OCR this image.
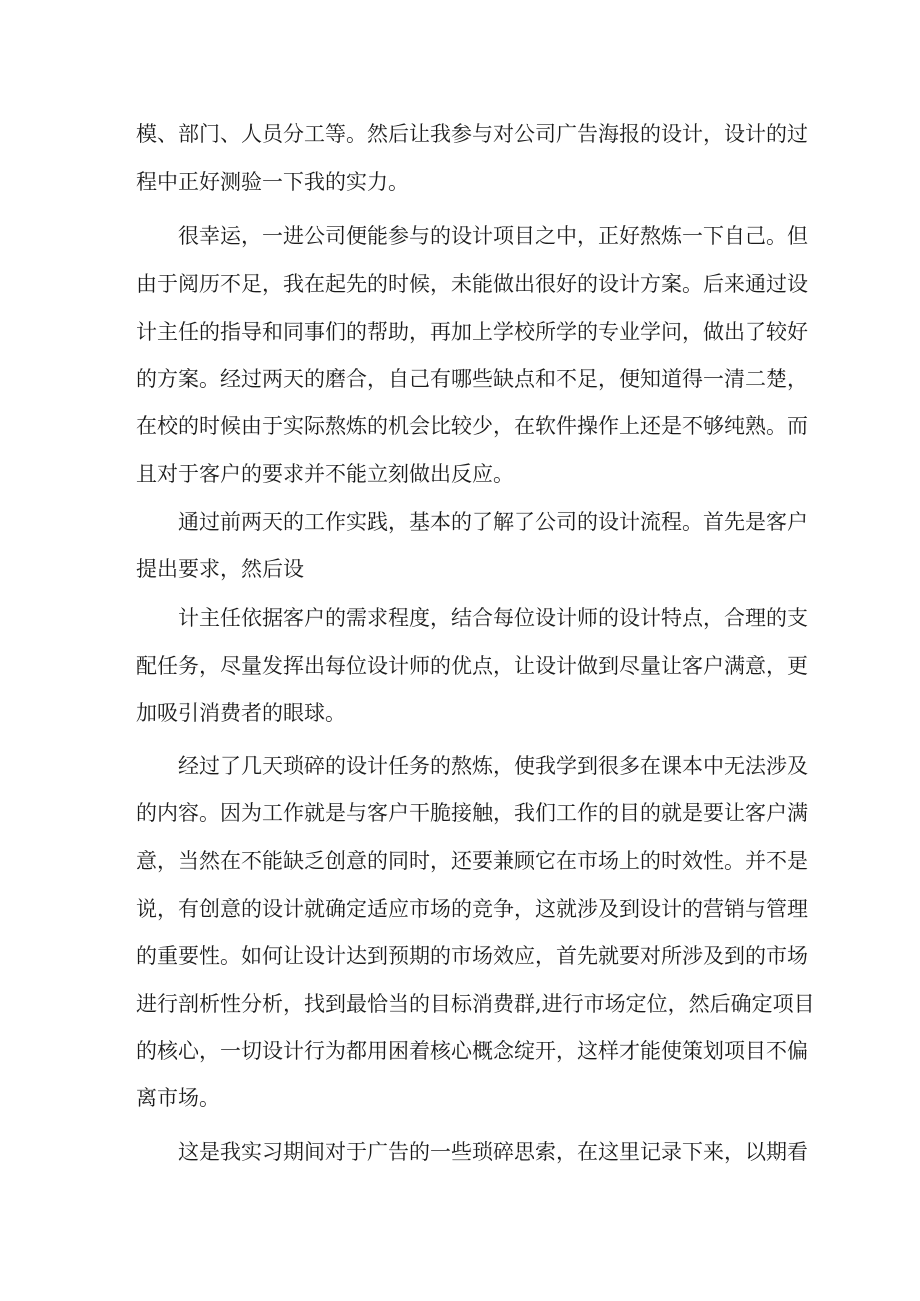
模、部门、人员分工等。然后让我参与对公司广告海报的设计，设计的过
程中正好测验一下我的实力。
很幸运，一进公司便能参与的设计项目之中，正好熬炼一下自己。但
由于阅历不足，我在起先的时候，未能做出很好的设计方案。后来通过设
计主任的指导和同事们的帮助，再加上学校所学的专业学问，做出了较好
的方案。经过两天的磨合，自己有哪些缺点和不足，便知道得一清二楚，
在校的时候由于实际熬炼的机会比较少，在软件操作上还是不够纯熟。而
且对于客户的要求并不能立刻做出反应。
通过前两天的工作实践，基本的了解了公司的设计流程。首先是客户
提出要求，然后设
计主任依据客户的需求程度，结合每位设计师的设计特点，合理的支
配任务，尽量发挥出每位设计师的优点，让设计做到尽量让客户满意，更
加吸引消费者的眼球。
经过了几天琐碎的设计任务的熬炼，使我学到很多在课本中无法涉及
的内容。因为工作就是与客户干脆接触，我们工作的目的就是要让客户满
意，当然在不能缺乏创意的同时，还要兼顾它在市场上的时效性。并不是
说，有创意的设计就确定适应市场的竞争，这就涉及到设计的营销与管理
的重要性。如何让设计达到预期的市场效应，首先就要对所涉及到的市场
进行剖析性分析，找到最恰当的目标消费群,进行市场定位，然后确定项目
的核心，一切设计行为都用困着核心概念绽开，这样才能使策划项目不偏
离市场。
这是我实习期间对于广告的一些琐碎思索，在这里记录下来，以期看
